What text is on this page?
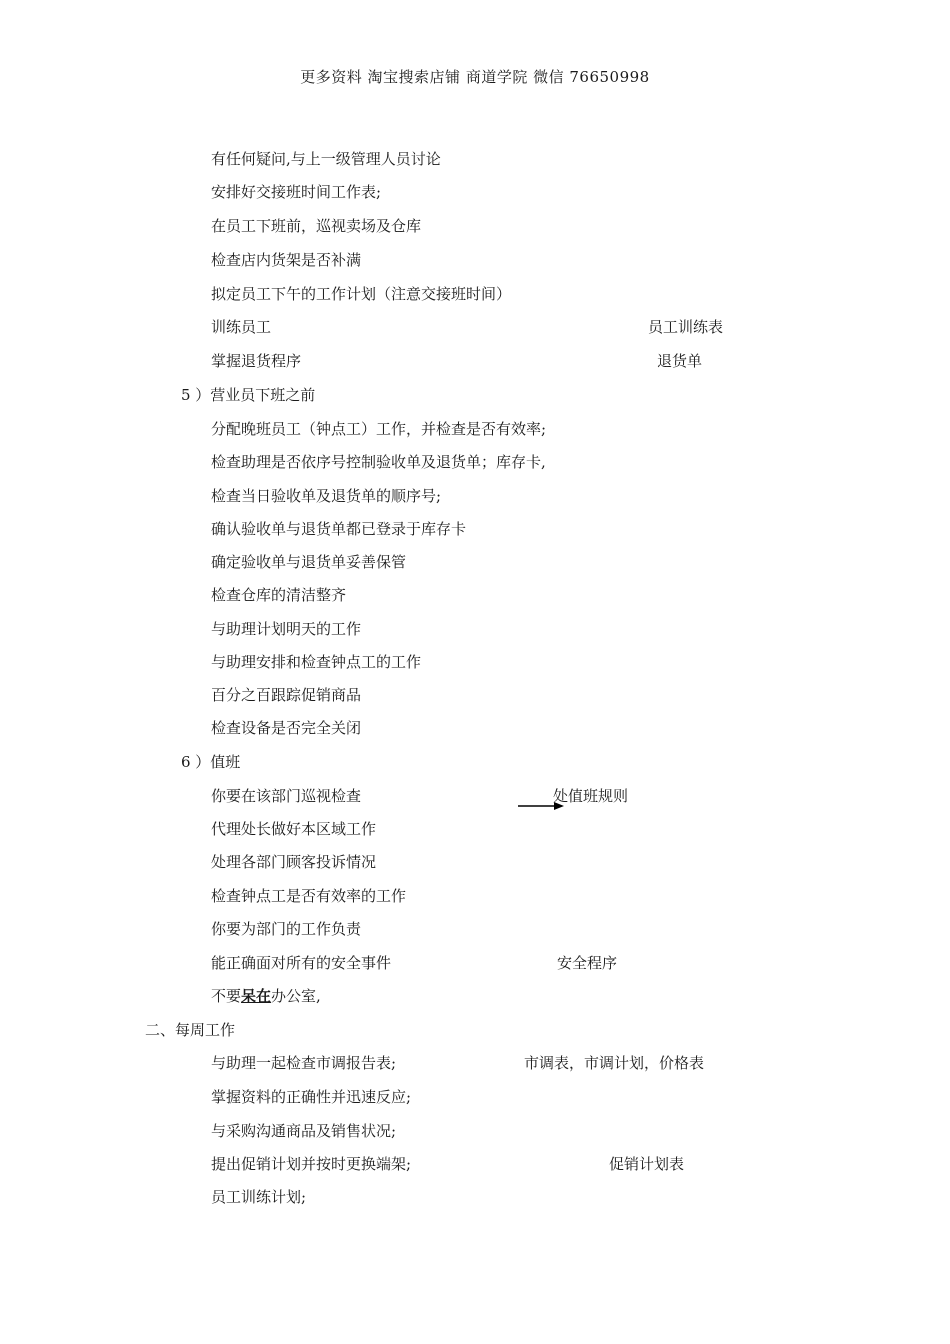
更多资料 淘宝搜索店铺 商道学院 微信 76650998
有任何疑问,与上一级管理人员讨论
安排好交接班时间工作表;
在员工下班前，巡视卖场及仓库
检查店内货架是否补满
拟定员工下午的工作计划（注意交接班时间）
训练员工	员工训练表
掌握退货程序	退货单
5 ）营业员下班之前
分配晚班员工（钟点工）工作，并检查是否有效率;
检查助理是否依序号控制验收单及退货单；库存卡,
检查当日验收单及退货单的顺序号;
确认验收单与退货单都已登录于库存卡
确定验收单与退货单妥善保管
检查仓库的清洁整齐
与助理计划明天的工作
与助理安排和检查钟点工的工作
百分之百跟踪促销商品
检查设备是否完全关闭
6 ）值班
你要在该部门巡视检查	处值班规则
代理处长做好本区域工作
处理各部门顾客投诉情况
检查钟点工是否有效率的工作
你要为部门的工作负责
能正确面对所有的安全事件	安全程序
不要呆在办公室,
二、每周工作
与助理一起检查市调报告表;	市调表，市调计划，价格表
掌握资料的正确性并迅速反应;
与采购沟通商品及销售状况;
提出促销计划并按时更换端架;	促销计划表
员工训练计划;
